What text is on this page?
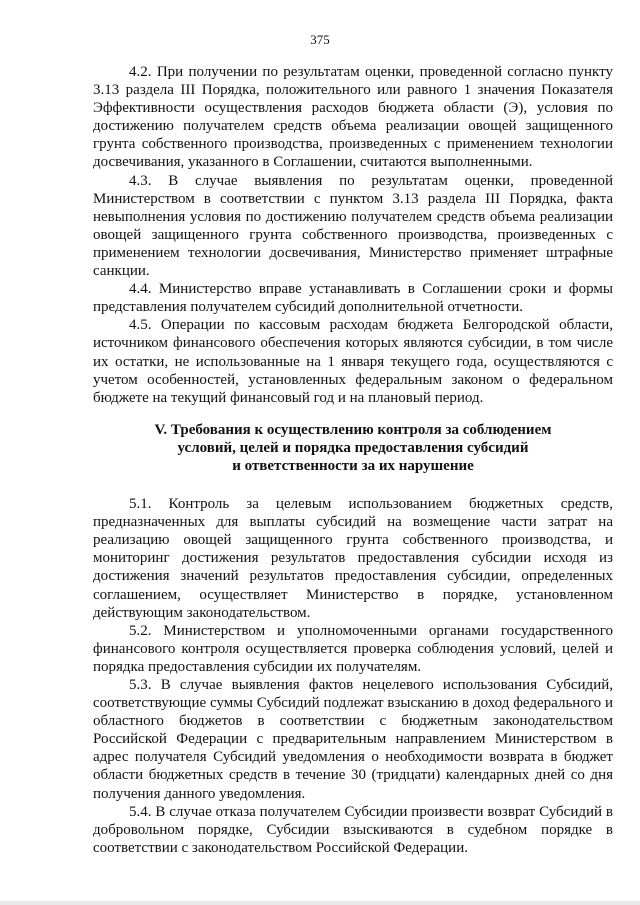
375

4.2. При получении по результатам оценки, проведенной согласно пункту 3.13 раздела III Порядка, положительного или равного 1 значения Показателя Эффективности осуществления расходов бюджета области (Э), условия по достижению получателем средств объема реализации овощей защищенного грунта собственного производства, произведенных с применением технологии досвечивания, указанного в Соглашении, считаются выполненными.

4.3. В случае выявления по результатам оценки, проведенной Министерством в соответствии с пунктом 3.13 раздела III Порядка, факта невыполнения условия по достижению получателем средств объема реализации овощей защищенного грунта собственного производства, произведенных с применением технологии досвечивания, Министерство применяет штрафные санкции.

4.4. Министерство вправе устанавливать в Соглашении сроки и формы представления получателем субсидий дополнительной отчетности.

4.5. Операции по кассовым расходам бюджета Белгородской области, источником финансового обеспечения которых являются субсидии, в том числе их остатки, не использованные на 1 января текущего года, осуществляются с учетом особенностей, установленных федеральным законом о федеральном бюджете на текущий финансовый год и на плановый период.

V. Требования к осуществлению контроля за соблюдением
условий, целей и порядка предоставления субсидий
и ответственности за их нарушение

5.1. Контроль за целевым использованием бюджетных средств, предназначенных для выплаты субсидий на возмещение части затрат на реализацию овощей защищенного грунта собственного производства, и мониторинг достижения результатов предоставления субсидии исходя из достижения значений результатов предоставления субсидии, определенных соглашением, осуществляет Министерство в порядке, установленном действующим законодательством.

5.2. Министерством и уполномоченными органами государственного финансового контроля осуществляется проверка соблюдения условий, целей и порядка предоставления субсидии их получателям.

5.3. В случае выявления фактов нецелевого использования Субсидий, соответствующие суммы Субсидий подлежат взысканию в доход федерального и областного бюджетов в соответствии с бюджетным законодательством Российской Федерации с предварительным направлением Министерством в адрес получателя Субсидий уведомления о необходимости возврата в бюджет области бюджетных средств в течение 30 (тридцати) календарных дней со дня получения данного уведомления.

5.4. В случае отказа получателем Субсидии произвести возврат Субсидий в добровольном порядке, Субсидии взыскиваются в судебном порядке в соответствии с законодательством Российской Федерации.
